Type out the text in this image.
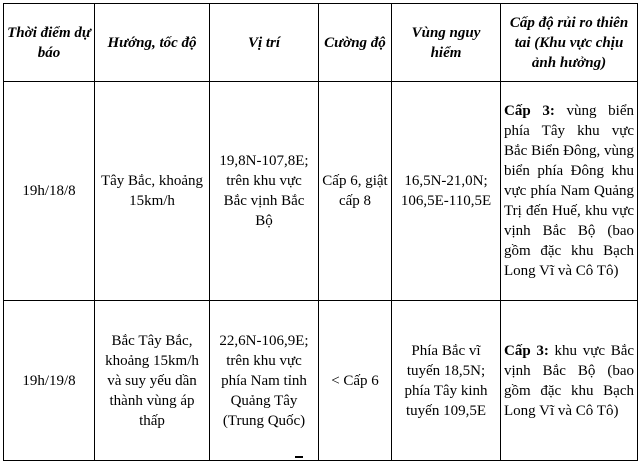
Thời điểm dự báo	Hướng, tốc độ	Vị trí	Cường độ	Vùng nguy hiểm	Cấp độ rủi ro thiên tai (Khu vực chịu ảnh hưởng)
19h/18/8	Tây Bắc, khoảng 15km/h	19,8N-107,8E; trên khu vực Bắc vịnh Bắc Bộ	Cấp 6, giật cấp 8	16,5N-21,0N; 106,5E-110,5E	Cấp 3: vùng biển phía Tây khu vực Bắc Biển Đông, vùng biển phía Đông khu vực phía Nam Quảng Trị đến Huế, khu vực vịnh Bắc Bộ (bao gồm đặc khu Bạch Long Vĩ và Cô Tô)
19h/19/8	Bắc Tây Bắc, khoảng 15km/h và suy yếu dần thành vùng áp thấp	22,6N-106,9E; trên khu vực phía Nam tỉnh Quảng Tây (Trung Quốc)	< Cấp 6	Phía Bắc vĩ tuyến 18,5N; phía Tây kinh tuyến 109,5E	Cấp 3: khu vực Bắc vịnh Bắc Bộ (bao gồm đặc khu Bạch Long Vĩ và Cô Tô)
